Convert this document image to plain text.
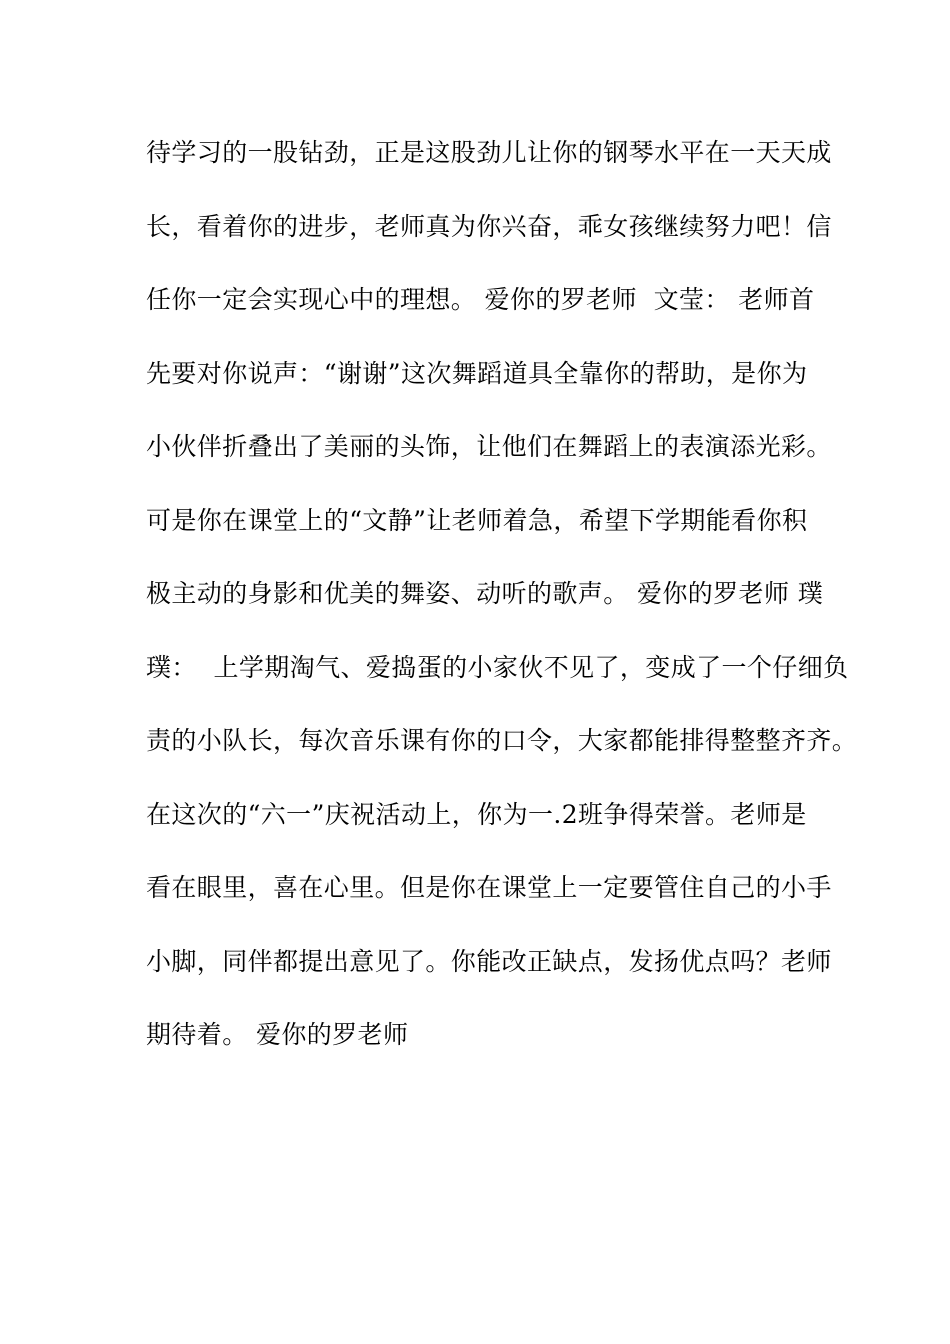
待学习的一股钻劲，正是这股劲儿让你的钢琴水平在一天天成
长，看着你的进步，老师真为你兴奋，乖女孩继续努力吧！信
任你一定会实现心中的理想。 爱你的罗老师  文莹： 老师首
先要对你说声：“谢谢”这次舞蹈道具全靠你的帮助，是你为
小伙伴折叠出了美丽的头饰，让他们在舞蹈上的表演添光彩。
可是你在课堂上的“文静”让老师着急，希望下学期能看你积
极主动的身影和优美的舞姿、动听的歌声。 爱你的罗老师 璞
璞：  上学期淘气、爱捣蛋的小家伙不见了，变成了一个仔细负
责的小队长，每次音乐课有你的口令，大家都能排得整整齐齐。
在这次的“六一”庆祝活动上，你为一.2班争得荣誉。老师是
看在眼里，喜在心里。但是你在课堂上一定要管住自己的小手
小脚，同伴都提出意见了。你能改正缺点，发扬优点吗？老师
期待着。 爱你的罗老师
